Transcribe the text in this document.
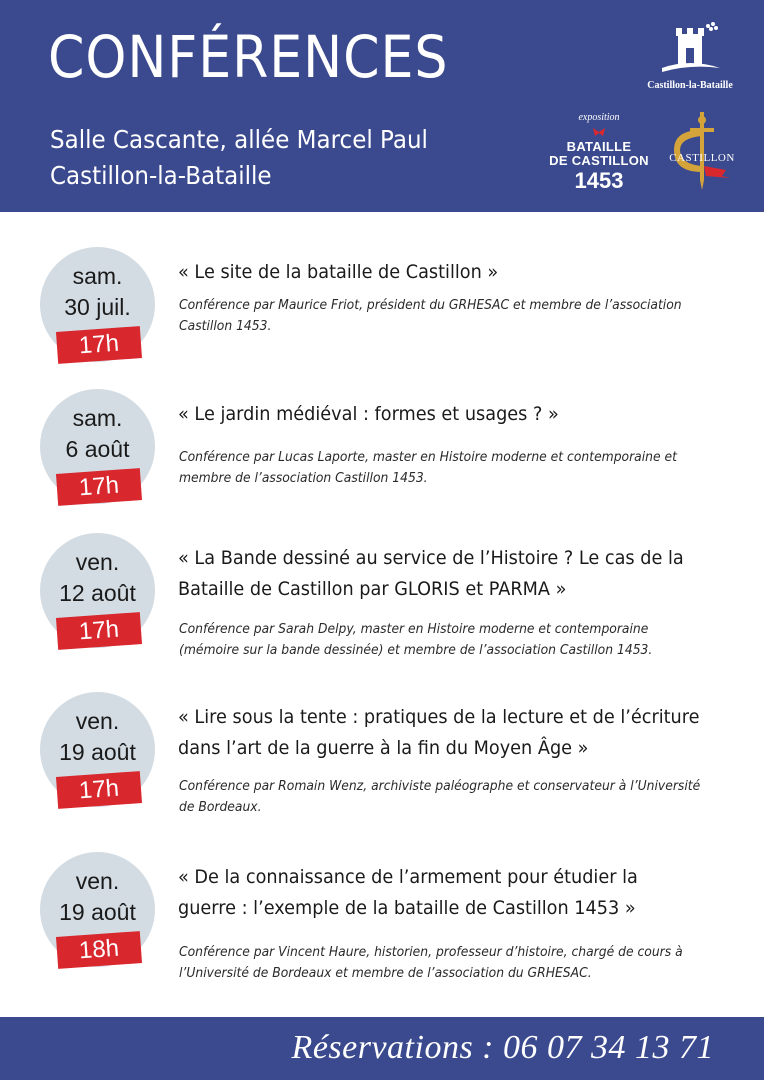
CONFÉRENCES
Salle Cascante, allée Marcel Paul
Castillon-la-Bataille
Castillon-la-Bataille
exposition
BATAILLE
DE CASTILLON
1453
CASTILLON
sam.
30 juil.
17h
« Le site de la bataille de Castillon »

Conférence par Maurice Friot, président du GRHESAC et membre de l’association Castillon 1453.

sam.
6 août
17h
« Le jardin médiéval : formes et usages ? »

Conférence par Lucas Laporte, master en Histoire moderne et contemporaine et membre de l’association Castillon 1453.

ven.
12 août
17h
« La Bande dessiné au service de l’Histoire ? Le cas de la Bataille de Castillon par GLORIS et PARMA »

Conférence par Sarah Delpy, master en Histoire moderne et contemporaine (mémoire sur la bande dessinée) et membre de l’association Castillon 1453.

ven.
19 août
17h
« Lire sous la tente : pratiques de la lecture et de l’écriture dans l’art de la guerre à la fin du Moyen Âge »

Conférence par Romain Wenz, archiviste paléographe et conservateur à l’Université de Bordeaux.

ven.
19 août
18h
« De la connaissance de l’armement pour étudier la guerre : l’exemple de la bataille de Castillon 1453 »

Conférence par Vincent Haure, historien, professeur d’histoire, chargé de cours à l’Université de Bordeaux et membre de l’association du GRHESAC.

Réservations : 06 07 34 13 71
